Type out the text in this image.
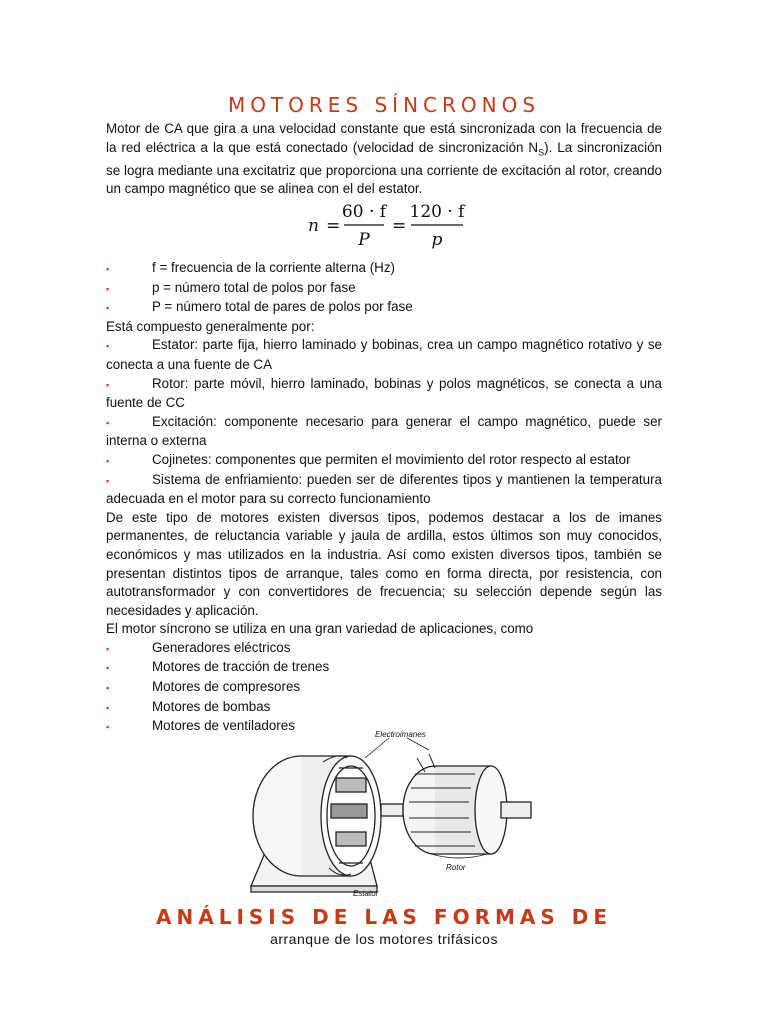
MOTORES SÍNCRONOS
Motor de CA que gira a una velocidad constante que está sincronizada con la frecuencia de la red eléctrica a la que está conectado (velocidad de sincronización $N_S$). La sincronización se logra mediante una excitatriz que proporciona una corriente de excitación al rotor, creando un campo magnético que se alinea con el del estator.
n =
60 · f
P
=
120 · f
p
▪
f = frecuencia de la corriente alterna (Hz)
▪
p = número total de polos por fase
▪
P = número total de pares de polos por fase
Está compuesto generalmente por:
▪Estator: parte fija, hierro laminado y bobinas, crea un campo magnético rotativo y se conecta a una fuente de CA
▪Rotor: parte móvil, hierro laminado, bobinas y polos magnéticos, se conecta a una fuente de CC
▪Excitación: componente necesario para generar el campo magnético, puede ser interna o externa
▪Cojinetes: componentes que permiten el movimiento del rotor respecto al estator
▪Sistema de enfriamiento: pueden ser de diferentes tipos y mantienen la temperatura adecuada en el motor para su correcto funcionamiento
De este tipo de motores existen diversos tipos, podemos destacar a los de imanes permanentes, de reluctancia variable y jaula de ardilla, estos últimos son muy conocidos, económicos y mas utilizados en la industria. Así como existen diversos tipos, también se presentan distintos tipos de arranque, tales como en forma directa, por resistencia, con autotransformador y con convertidores de frecuencia; su selección depende según las necesidades y aplicación.
El motor síncrono se utiliza en una gran variedad de aplicaciones, como
▪
Generadores eléctricos
▪
Motores de tracción de trenes
▪
Motores de compresores
▪
Motores de bombas
▪
Motores de ventiladores
Electroimanes
Estator
Rotor
ANÁLISIS DE LAS FORMAS DE
arranque de los motores trifásicos
